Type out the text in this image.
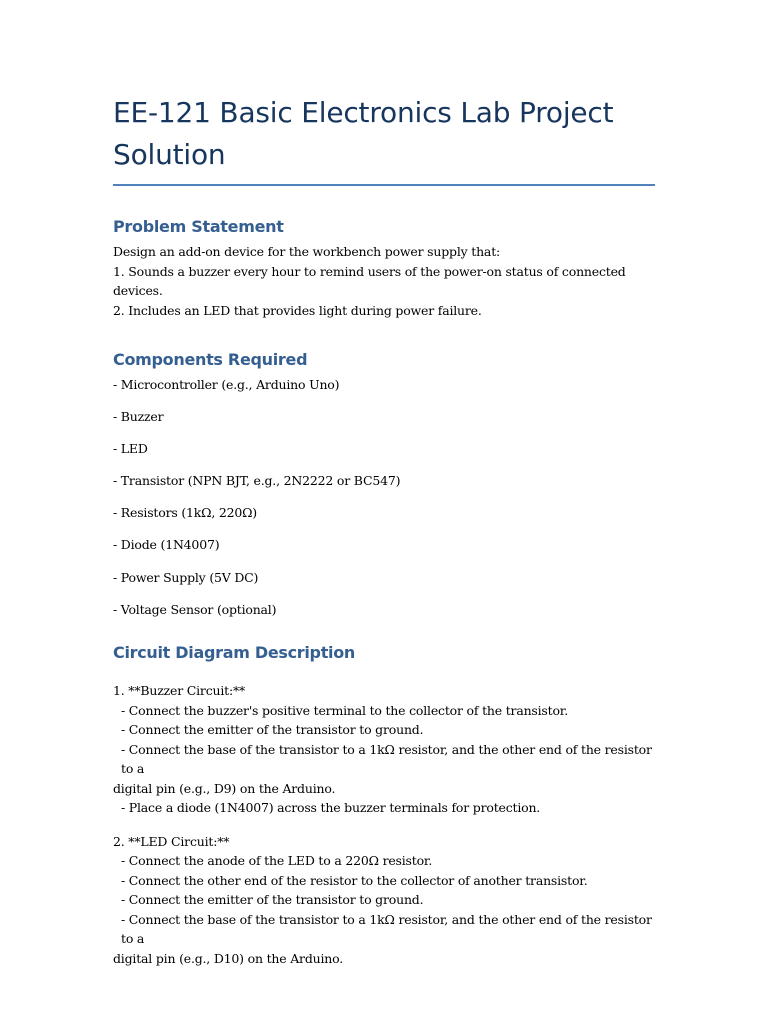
EE-121 Basic Electronics Lab Project Solution
Problem Statement

Design an add-on device for the workbench power supply that:

1. Sounds a buzzer every hour to remind users of the power-on status of connected devices.

2. Includes an LED that provides light during power failure.

Components Required

- Microcontroller (e.g., Arduino Uno)

- Buzzer

- LED

- Transistor (NPN BJT, e.g., 2N2222 or BC547)

- Resistors (1kΩ, 220Ω)

- Diode (1N4007)

- Power Supply (5V DC)

- Voltage Sensor (optional)

Circuit Diagram Description

1. **Buzzer Circuit:**

- Connect the buzzer's positive terminal to the collector of the transistor.

- Connect the emitter of the transistor to ground.

- Connect the base of the transistor to a 1kΩ resistor, and the other end of the resistor to a

digital pin (e.g., D9) on the Arduino.

- Place a diode (1N4007) across the buzzer terminals for protection.

2. **LED Circuit:**

- Connect the anode of the LED to a 220Ω resistor.

- Connect the other end of the resistor to the collector of another transistor.

- Connect the emitter of the transistor to ground.

- Connect the base of the transistor to a 1kΩ resistor, and the other end of the resistor to a

digital pin (e.g., D10) on the Arduino.
